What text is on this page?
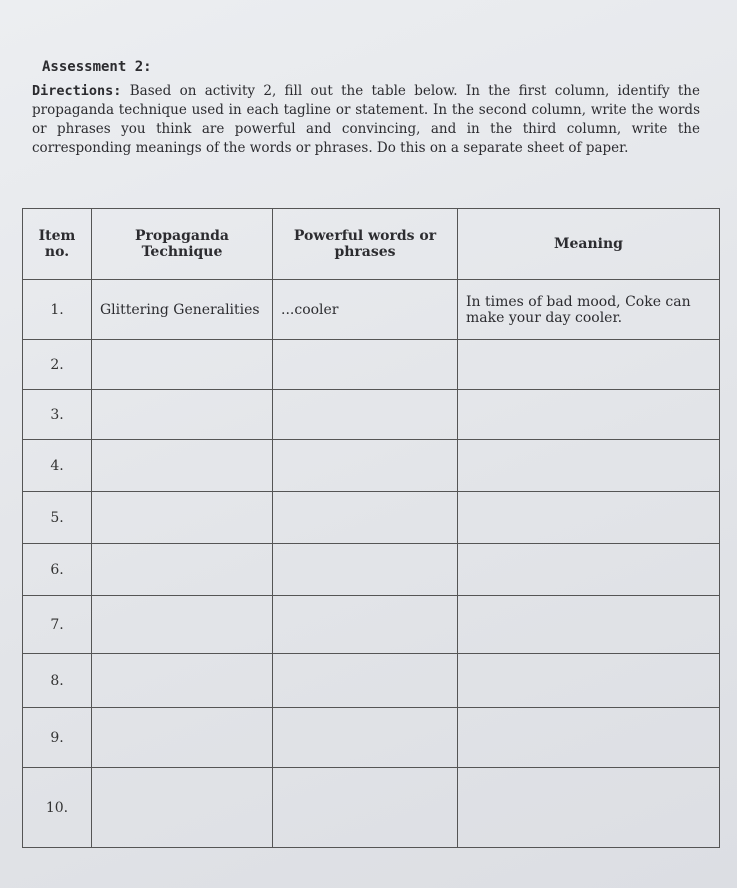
Assessment 2:
Directions: Based on activity 2, fill out the table below. In the first column, identify the propaganda technique used in each tagline or statement. In the second column, write the words or phrases you think are powerful and convincing, and in the third column, write the corresponding meanings of the words or phrases. Do this on a separate sheet of paper.
Item no.	Propaganda Technique	Powerful words or phrases	Meaning
1.	Glittering Generalities	...cooler	In times of bad mood, Coke can make your day cooler.
2.			
3.			
4.			
5.			
6.			
7.			
8.			
9.			
10.			
